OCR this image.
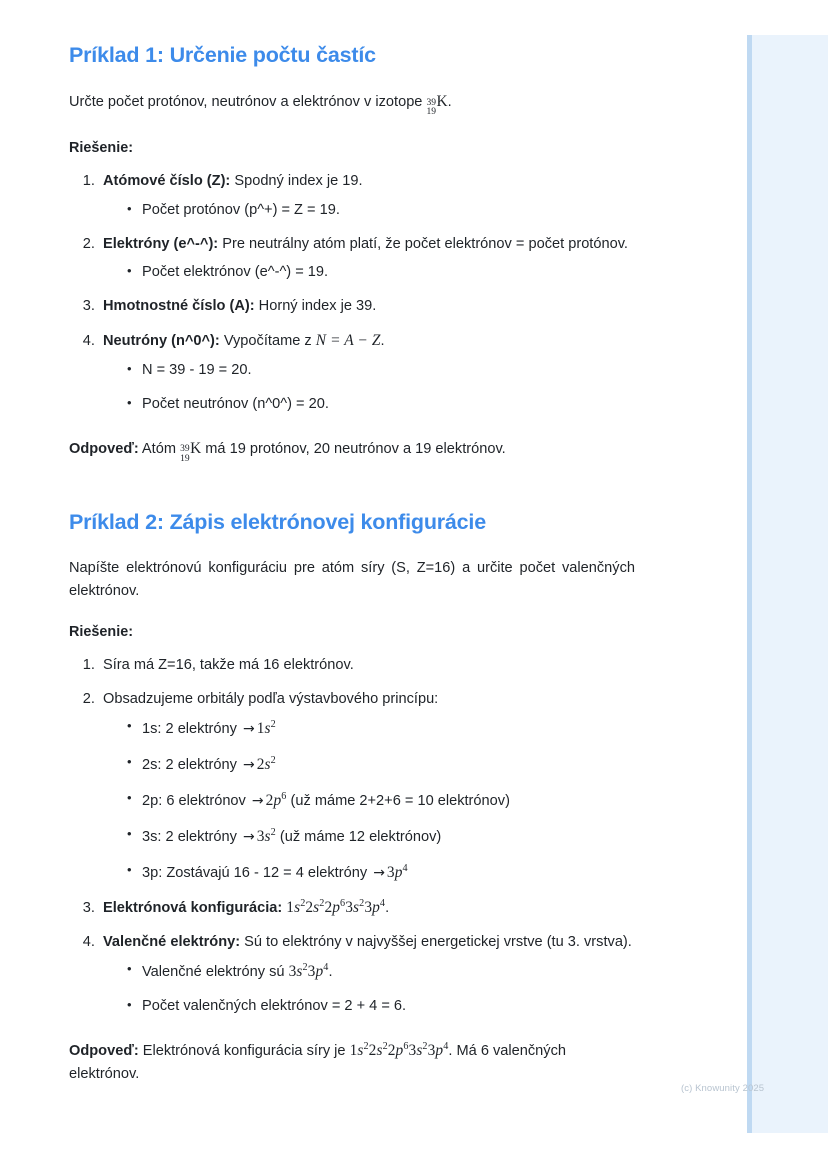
Príklad 1: Určenie počtu častíc

Určte počet protónov, neutrónov a elektrónov v izotope 39
19
K.

Riešenie:

1. Atómové číslo (Z): Spodný index je 19.
• Počet protónov (p^+) = Z = 19.
2. Elektróny (e^-^): Pre neutrálny atóm platí, že počet elektrónov = počet protónov.
• Počet elektrónov (e^-^) = 19.
3. Hmotnostné číslo (A): Horný index je 39.
4. Neutróny (n^0^): Vypočítame z N = A − Z.
• N = 39 - 19 = 20.
• Počet neutrónov (n^0^) = 20.

Odpoveď: Atóm 39
19
K má 19 protónov, 20 neutrónov a 19 elektrónov.

Príklad 2: Zápis elektrónovej konfigurácie

Napíšte elektrónovú konfiguráciu pre atóm síry (S, Z=16) a určite počet valenčných elektrónov.

Riešenie:

1. Síra má Z=16, takže má 16 elektrónov.
2. Obsadzujeme orbitály podľa výstavbového princípu:
• 1s: 2 elektróny → $1s^2$
• 2s: 2 elektróny → $2s^2$
• 2p: 6 elektrónov → $2p^6$ (už máme 2+2+6 = 10 elektrónov)
• 3s: 2 elektróny → $3s^2$ (už máme 12 elektrónov)
• 3p: Zostávajú 16 - 12 = 4 elektróny → $3p^4$
3. Elektrónová konfigurácia: $1s^22s^22p^63s^23p^4$.
4. Valenčné elektróny: Sú to elektróny v najvyššej energetickej vrstve (tu 3. vrstva).
• Valenčné elektróny sú $3s^23p^4$.
• Počet valenčných elektrónov = 2 + 4 = 6.

Odpoveď: Elektrónová konfigurácia síry je $1s^22s^22p^63s^23p^4$. Má 6 valenčných elektrónov.

(c) Knowunity 2025
